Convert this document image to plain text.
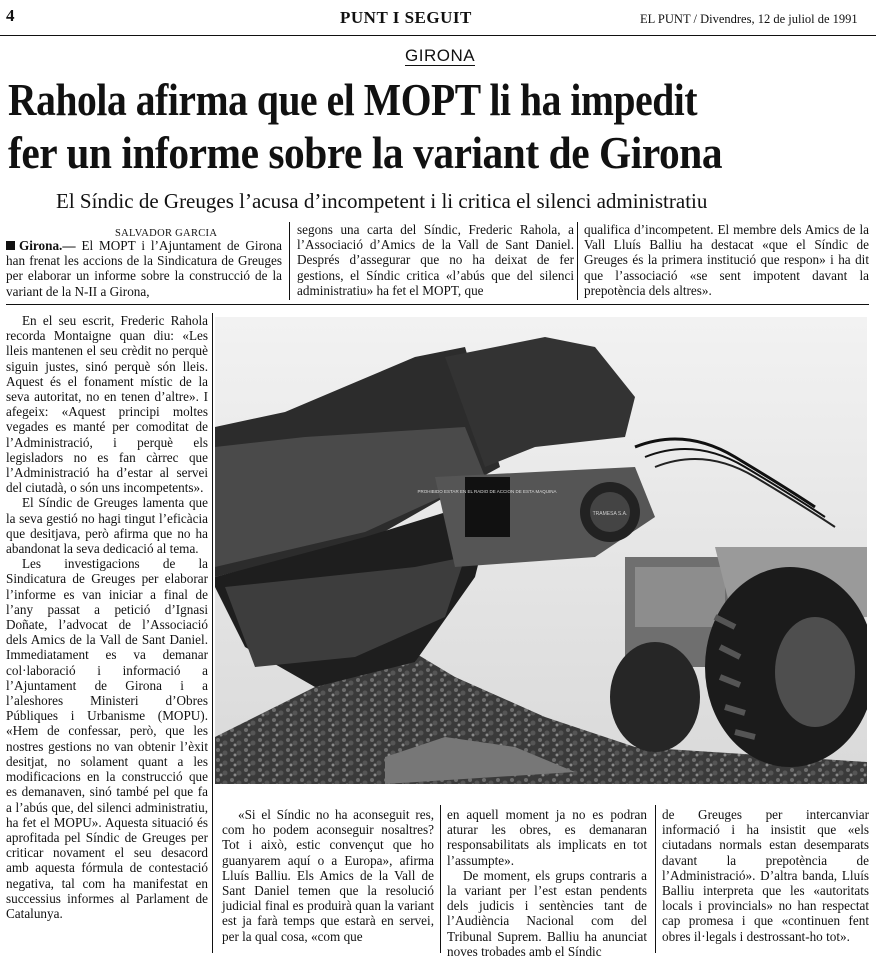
4	PUNT I SEGUIT	EL PUNT / Divendres, 12 de juliol de 1991
GIRONA
Rahola afirma que el MOPT li ha impedit
fer un informe sobre la variant de Girona
El Síndic de Greuges l’acusa d’incompetent i li critica el silenci administratiu
SALVADOR GARCIA

Girona.— El MOPT i l’Ajuntament de Girona han frenat les accions de la Sindicatura de Greuges per elaborar un informe sobre la construcció de la variant de la N-II a Girona,

segons una carta del Síndic, Frederic Rahola, a l’Associació d’Amics de la Vall de Sant Daniel. Després d’assegurar que no ha deixat de fer gestions, el Síndic critica «l’abús que del silenci administratiu» ha fet el MOPT, que

qualifica d’incompetent. El membre dels Amics de la Vall Lluís Balliu ha destacat «que el Síndic de Greuges és la primera institució que respon» i ha dit que l’associació «se sent impotent davant la prepotència dels altres».

En el seu escrit, Frederic Rahola recorda Montaigne quan diu: «Les lleis mantenen el seu crèdit no perquè siguin justes, sinó perquè són lleis. Aquest és el fonament místic de la seva autoritat, no en tenen d’altre». I afegeix: «Aquest principi moltes vegades es manté per comoditat de l’Administració, i perquè els legisladors no es fan càrrec que l’Administració ha d’estar al servei del ciutadà, o són uns incompetents».

El Síndic de Greuges lamenta que la seva gestió no hagi tingut l’eficàcia que desitjava, però afirma que no ha abandonat la seva dedicació al tema.

Les investigacions de la Sindicatura de Greuges per elaborar l’informe es van iniciar a final de l’any passat a petició d’Ignasi Doñate, l’advocat de l’Associació dels Amics de la Vall de Sant Daniel. Immediatament es va demanar col·laboració i informació a l’Ajuntament de Girona i a l’aleshores Ministeri d’Obres Públiques i Urbanisme (MOPU). «Hem de confessar, però, que les nostres gestions no van obtenir l’èxit desitjat, no solament quant a les modificacions en la construcció que es demanaven, sinó també pel que fa a l’abús que, del silenci administratiu, ha fet el MOPU». Aquesta situació és aprofitada pel Síndic de Greuges per criticar novament el seu desacord amb aquesta fórmula de contestació negativa, tal com ha manifestat en successius informes al Parlament de Catalunya.

PROHIBIDO ESTAR EN EL RADIO DE ACCION DE ESTA MAQUINA
TRAMESA S.A.

«Si el Síndic no ha aconseguit res, com ho podem aconseguir nosaltres? Tot i això, estic convençut que ho guanyarem aquí o a Europa», afirma Lluís Balliu. Els Amics de la Vall de Sant Daniel temen que la resolució judicial final es produirà quan la variant est ja farà temps que estarà en servei, per la qual cosa, «com que

en aquell moment ja no es podran aturar les obres, es demanaran responsabilitats als implicats en tot l’assumpte».

De moment, els grups contraris a la variant per l’est estan pendents dels judicis i sentències tant de l’Audiència Nacional com del Tribunal Suprem. Balliu ha anunciat noves trobades amb el Síndic

de Greuges per intercanviar informació i ha insistit que «els ciutadans normals estan desemparats davant la prepotència de l’Administració». D’altra banda, Lluís Balliu interpreta que les «autoritats locals i provincials» no han respectat cap promesa i que «continuen fent obres il·legals i destrossant-ho tot».
